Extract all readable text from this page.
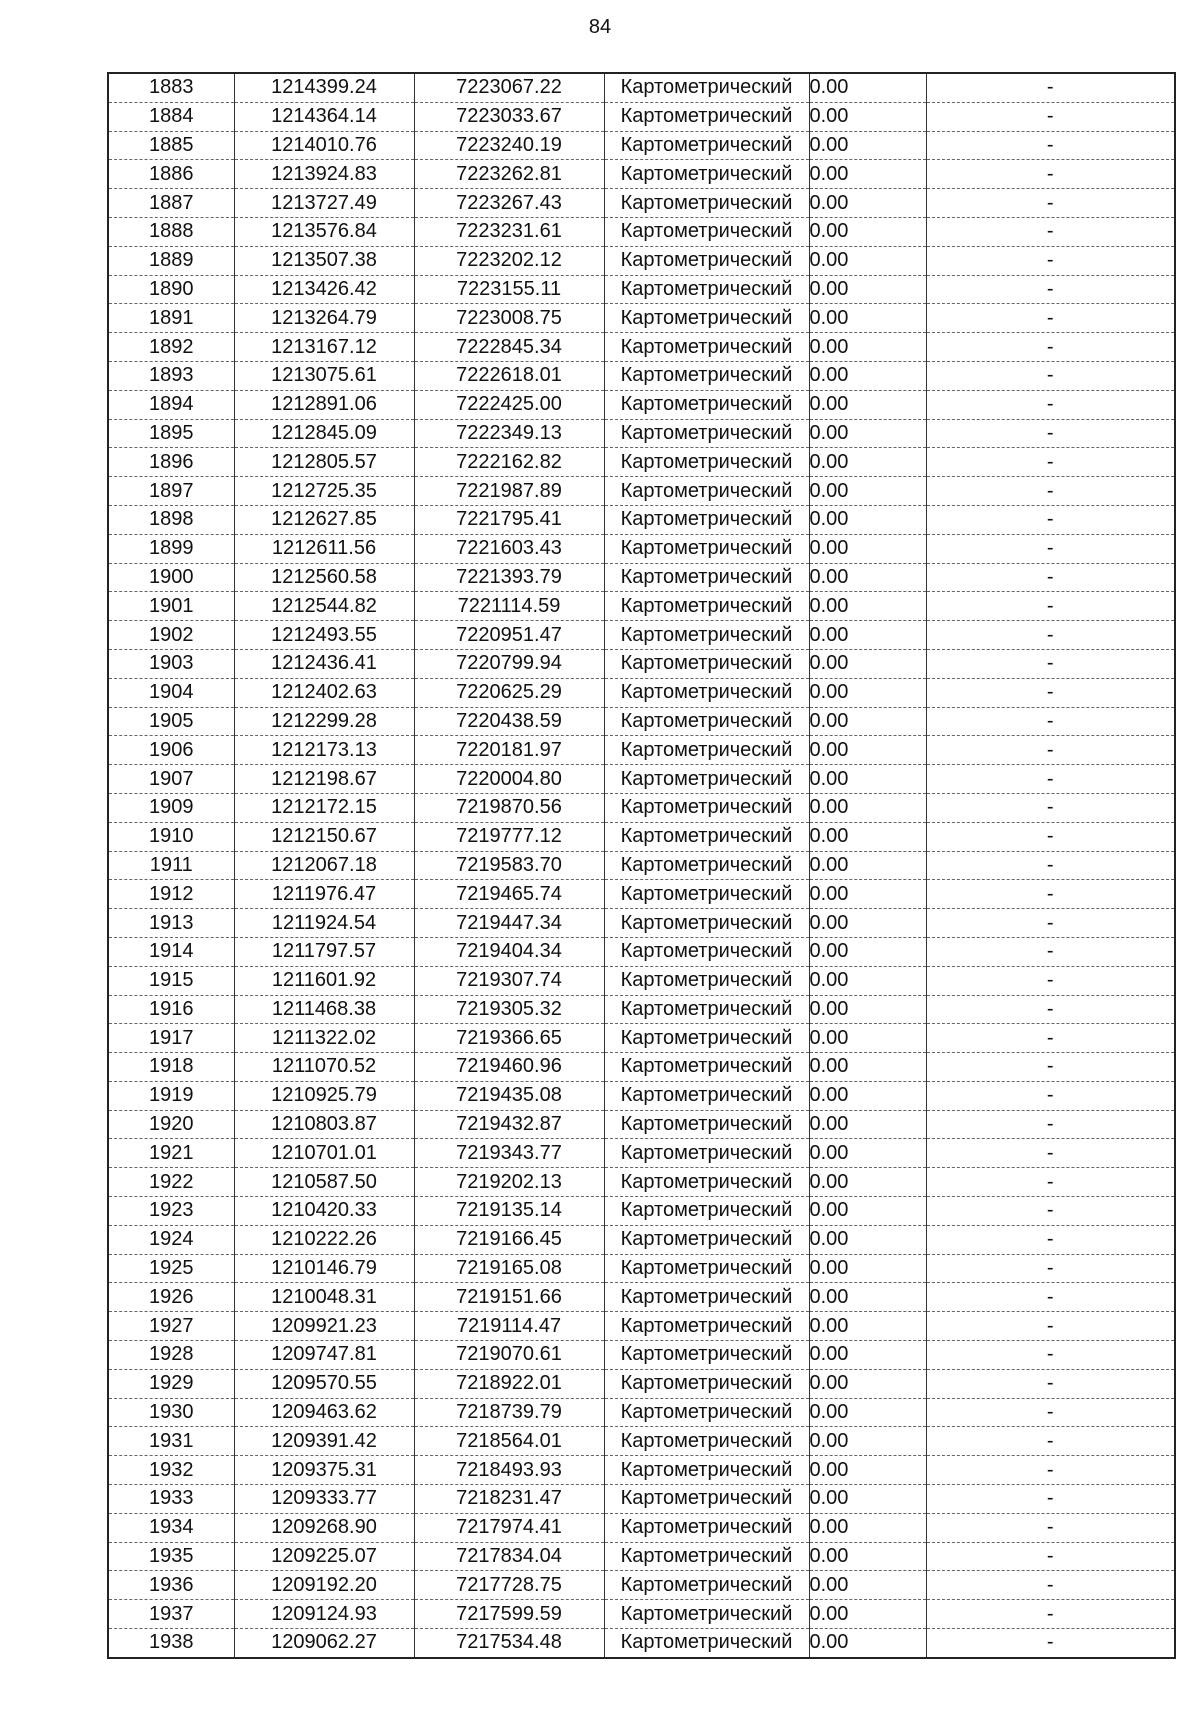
84
1883	1214399.24	7223067.22	Картометрический	0.00	-
1884	1214364.14	7223033.67	Картометрический	0.00	-
1885	1214010.76	7223240.19	Картометрический	0.00	-
1886	1213924.83	7223262.81	Картометрический	0.00	-
1887	1213727.49	7223267.43	Картометрический	0.00	-
1888	1213576.84	7223231.61	Картометрический	0.00	-
1889	1213507.38	7223202.12	Картометрический	0.00	-
1890	1213426.42	7223155.11	Картометрический	0.00	-
1891	1213264.79	7223008.75	Картометрический	0.00	-
1892	1213167.12	7222845.34	Картометрический	0.00	-
1893	1213075.61	7222618.01	Картометрический	0.00	-
1894	1212891.06	7222425.00	Картометрический	0.00	-
1895	1212845.09	7222349.13	Картометрический	0.00	-
1896	1212805.57	7222162.82	Картометрический	0.00	-
1897	1212725.35	7221987.89	Картометрический	0.00	-
1898	1212627.85	7221795.41	Картометрический	0.00	-
1899	1212611.56	7221603.43	Картометрический	0.00	-
1900	1212560.58	7221393.79	Картометрический	0.00	-
1901	1212544.82	7221114.59	Картометрический	0.00	-
1902	1212493.55	7220951.47	Картометрический	0.00	-
1903	1212436.41	7220799.94	Картометрический	0.00	-
1904	1212402.63	7220625.29	Картометрический	0.00	-
1905	1212299.28	7220438.59	Картометрический	0.00	-
1906	1212173.13	7220181.97	Картометрический	0.00	-
1907	1212198.67	7220004.80	Картометрический	0.00	-
1909	1212172.15	7219870.56	Картометрический	0.00	-
1910	1212150.67	7219777.12	Картометрический	0.00	-
1911	1212067.18	7219583.70	Картометрический	0.00	-
1912	1211976.47	7219465.74	Картометрический	0.00	-
1913	1211924.54	7219447.34	Картометрический	0.00	-
1914	1211797.57	7219404.34	Картометрический	0.00	-
1915	1211601.92	7219307.74	Картометрический	0.00	-
1916	1211468.38	7219305.32	Картометрический	0.00	-
1917	1211322.02	7219366.65	Картометрический	0.00	-
1918	1211070.52	7219460.96	Картометрический	0.00	-
1919	1210925.79	7219435.08	Картометрический	0.00	-
1920	1210803.87	7219432.87	Картометрический	0.00	-
1921	1210701.01	7219343.77	Картометрический	0.00	-
1922	1210587.50	7219202.13	Картометрический	0.00	-
1923	1210420.33	7219135.14	Картометрический	0.00	-
1924	1210222.26	7219166.45	Картометрический	0.00	-
1925	1210146.79	7219165.08	Картометрический	0.00	-
1926	1210048.31	7219151.66	Картометрический	0.00	-
1927	1209921.23	7219114.47	Картометрический	0.00	-
1928	1209747.81	7219070.61	Картометрический	0.00	-
1929	1209570.55	7218922.01	Картометрический	0.00	-
1930	1209463.62	7218739.79	Картометрический	0.00	-
1931	1209391.42	7218564.01	Картометрический	0.00	-
1932	1209375.31	7218493.93	Картометрический	0.00	-
1933	1209333.77	7218231.47	Картометрический	0.00	-
1934	1209268.90	7217974.41	Картометрический	0.00	-
1935	1209225.07	7217834.04	Картометрический	0.00	-
1936	1209192.20	7217728.75	Картометрический	0.00	-
1937	1209124.93	7217599.59	Картометрический	0.00	-
1938	1209062.27	7217534.48	Картометрический	0.00	-
